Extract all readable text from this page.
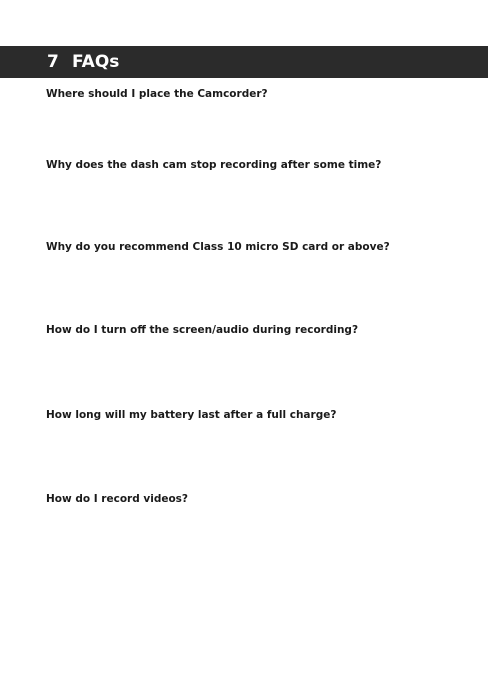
7 FAQs
Where should I place the Camcorder?
Why does the dash cam stop recording after some time?
Why do you recommend Class 10 micro SD card or above?
How do I turn off the screen/audio during recording?
How long will my battery last after a full charge?
How do I record videos?
